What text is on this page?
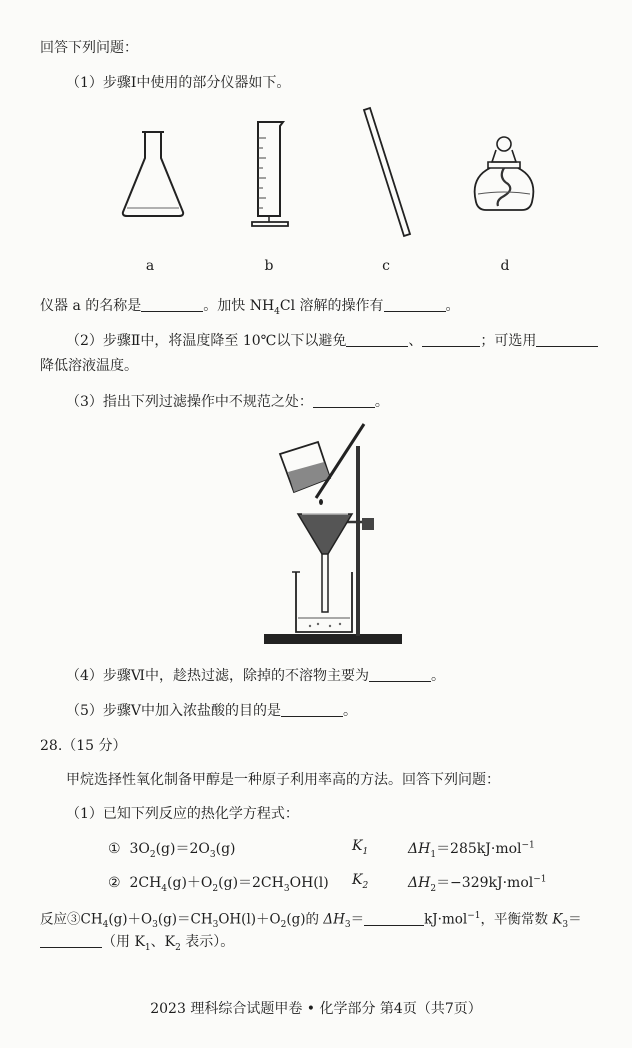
回答下列问题：
（1）步骤Ⅰ中使用的部分仪器如下。
a	b	c	d
仪器 a 的名称是	。加快 $NH_4Cl$ 溶解的操作有	。
（2）步骤Ⅱ中，将温度降至 10℃以下以避免	、	；可选用
降低溶液温度。
（3）指出下列过滤操作中不规范之处：	。
（4）步骤Ⅵ中，趁热过滤，除掉的不溶物主要为	。
（5）步骤Ⅴ中加入浓盐酸的目的是	。
28.（15 分）
甲烷选择性氧化制备甲醇是一种原子利用率高的方法。回答下列问题：
（1）已知下列反应的热化学方程式：
① $3O_2(g)=2O_3(g)$	$K_1$	$\Delta H_1=285kJ\cdot mol^{-1}$
② $2CH_4(g)+O_2(g)=2CH_3OH(l)$ $K_2$	$\Delta H_2=-329kJ\cdot mol^{-1}$
反应$③CH_4(g)+O_3(g)=CH_3OH(l)+O_2(g)$的 $\Delta H_3=$	kJ·mol$^{-1}$，平衡常数 $K_3=$
（用 $K_1$、$K_2$ 表示）。
2023 理科综合试题甲卷 • 化学部分 第4页（共7页）
